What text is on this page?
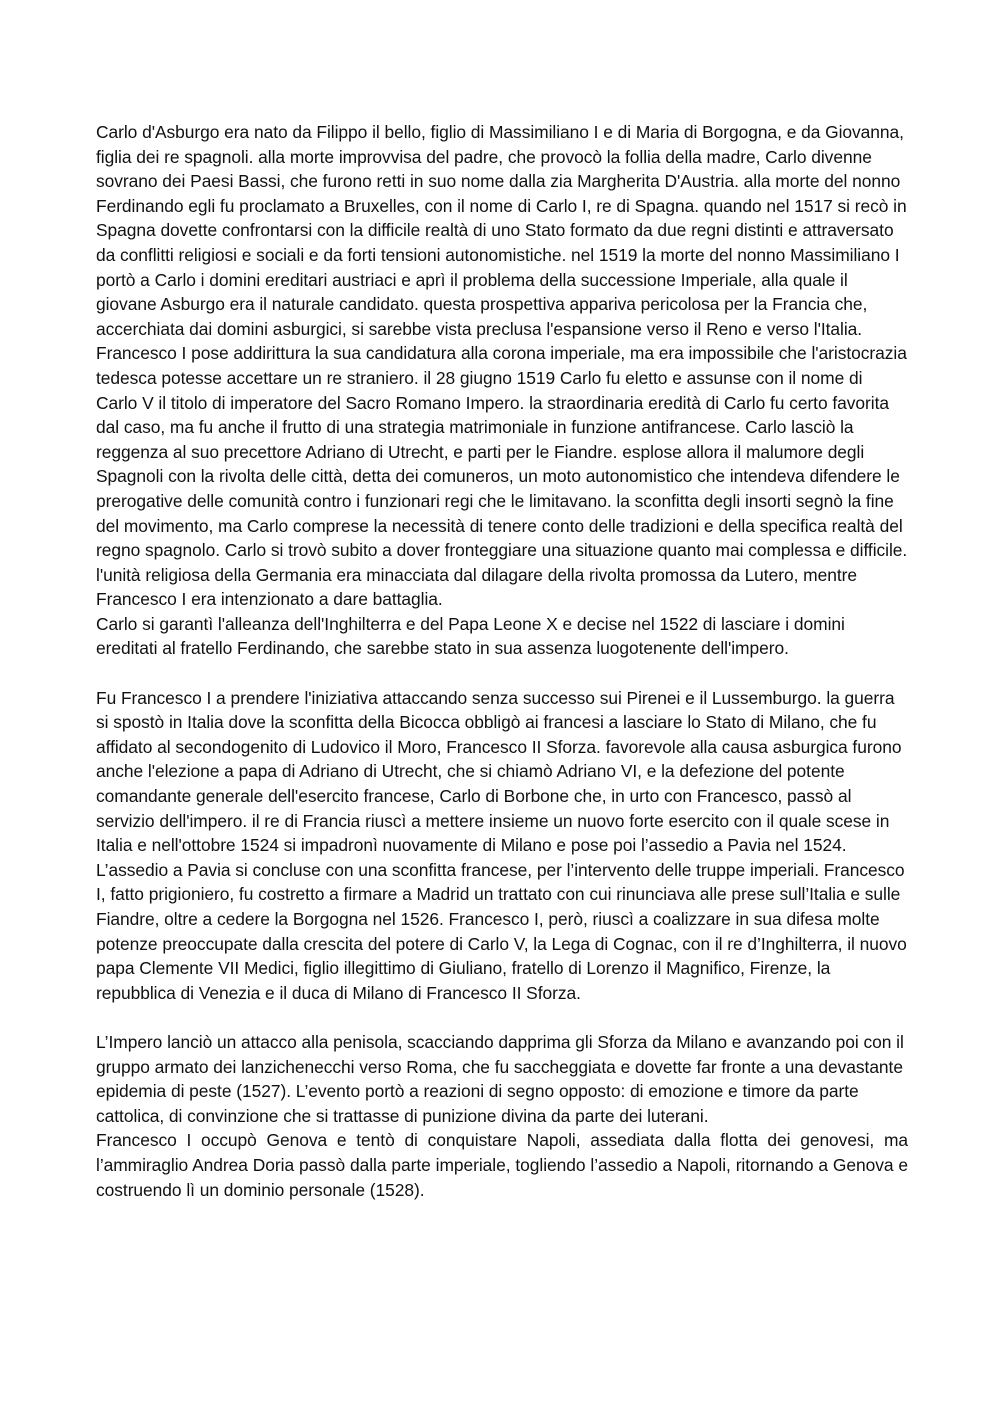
Carlo d'Asburgo era nato da Filippo il bello, figlio di Massimiliano I e di Maria di Borgogna, e da Giovanna, figlia dei re spagnoli. alla morte improvvisa del padre, che provocò la follia della madre, Carlo divenne sovrano dei Paesi Bassi, che furono retti in suo nome dalla zia Margherita D'Austria. alla morte del nonno Ferdinando egli fu proclamato a Bruxelles, con il nome di Carlo I, re di Spagna. quando nel 1517 si recò in Spagna dovette confrontarsi con la difficile realtà di uno Stato formato da due regni distinti e attraversato da conflitti religiosi e sociali e da forti tensioni autonomistiche. nel 1519 la morte del nonno Massimiliano I portò a Carlo i domini ereditari austriaci e aprì il problema della successione Imperiale, alla quale il giovane Asburgo era il naturale candidato. questa prospettiva appariva pericolosa per la Francia che, accerchiata dai domini asburgici, si sarebbe vista preclusa l'espansione verso il Reno e verso l'Italia. Francesco I pose addirittura la sua candidatura alla corona imperiale, ma era impossibile che l'aristocrazia tedesca potesse accettare un re straniero. il 28 giugno 1519 Carlo fu eletto e assunse con il nome di Carlo V il titolo di imperatore del Sacro Romano Impero. la straordinaria eredità di Carlo fu certo favorita dal caso, ma fu anche il frutto di una strategia matrimoniale in funzione antifrancese. Carlo lasciò la reggenza al suo precettore Adriano di Utrecht, e parti per le Fiandre. esplose allora il malumore degli Spagnoli con la rivolta delle città, detta dei comuneros, un moto autonomistico che intendeva difendere le prerogative delle comunità contro i funzionari regi che le limitavano. la sconfitta degli insorti segnò la fine del movimento, ma Carlo comprese la necessità di tenere conto delle tradizioni e della specifica realtà del regno spagnolo. Carlo si trovò subito a dover fronteggiare una situazione quanto mai complessa e difficile. l'unità religiosa della Germania era minacciata dal dilagare della rivolta promossa da Lutero, mentre Francesco I era intenzionato a dare battaglia.

Carlo si garantì l'alleanza dell'Inghilterra e del Papa Leone X e decise nel 1522 di lasciare i domini ereditati al fratello Ferdinando, che sarebbe stato in sua assenza luogotenente dell'impero.

Fu Francesco I a prendere l'iniziativa attaccando senza successo sui Pirenei e il Lussemburgo. la guerra si spostò in Italia dove la sconfitta della Bicocca obbligò ai francesi a lasciare lo Stato di Milano, che fu affidato al secondogenito di Ludovico il Moro, Francesco II Sforza. favorevole alla causa asburgica furono anche l'elezione a papa di Adriano di Utrecht, che si chiamò Adriano VI, e la defezione del potente comandante generale dell'esercito francese, Carlo di Borbone che, in urto con Francesco, passò al servizio dell'impero. il re di Francia riuscì a mettere insieme un nuovo forte esercito con il quale scese in Italia e nell'ottobre 1524 si impadronì nuovamente di Milano e pose poi l’assedio a Pavia nel 1524. L’assedio a Pavia si concluse con una sconfitta francese, per l’intervento delle truppe imperiali. Francesco I, fatto prigioniero, fu costretto a firmare a Madrid un trattato con cui rinunciava alle prese sull’Italia e sulle Fiandre, oltre a cedere la Borgogna nel 1526. Francesco I, però, riuscì a coalizzare in sua difesa molte potenze preoccupate dalla crescita del potere di Carlo V, la Lega di Cognac, con il re d’Inghilterra, il nuovo papa Clemente VII Medici, figlio illegittimo di Giuliano, fratello di Lorenzo il Magnifico, Firenze, la repubblica di Venezia e il duca di Milano di Francesco II Sforza.

L’Impero lanciò un attacco alla penisola, scacciando dapprima gli Sforza da Milano e avanzando poi con il gruppo armato dei lanzichenecchi verso Roma, che fu saccheggiata e dovette far fronte a una devastante epidemia di peste (1527). L’evento portò a reazioni di segno opposto: di emozione e timore da parte cattolica, di convinzione che si trattasse di punizione divina da parte dei luterani.

Francesco I occupò Genova e tentò di conquistare Napoli, assediata dalla flotta dei genovesi, ma l’ammiraglio Andrea Doria passò dalla parte imperiale, togliendo l’assedio a Napoli, ritornando a Genova e costruendo lì un dominio personale (1528).
